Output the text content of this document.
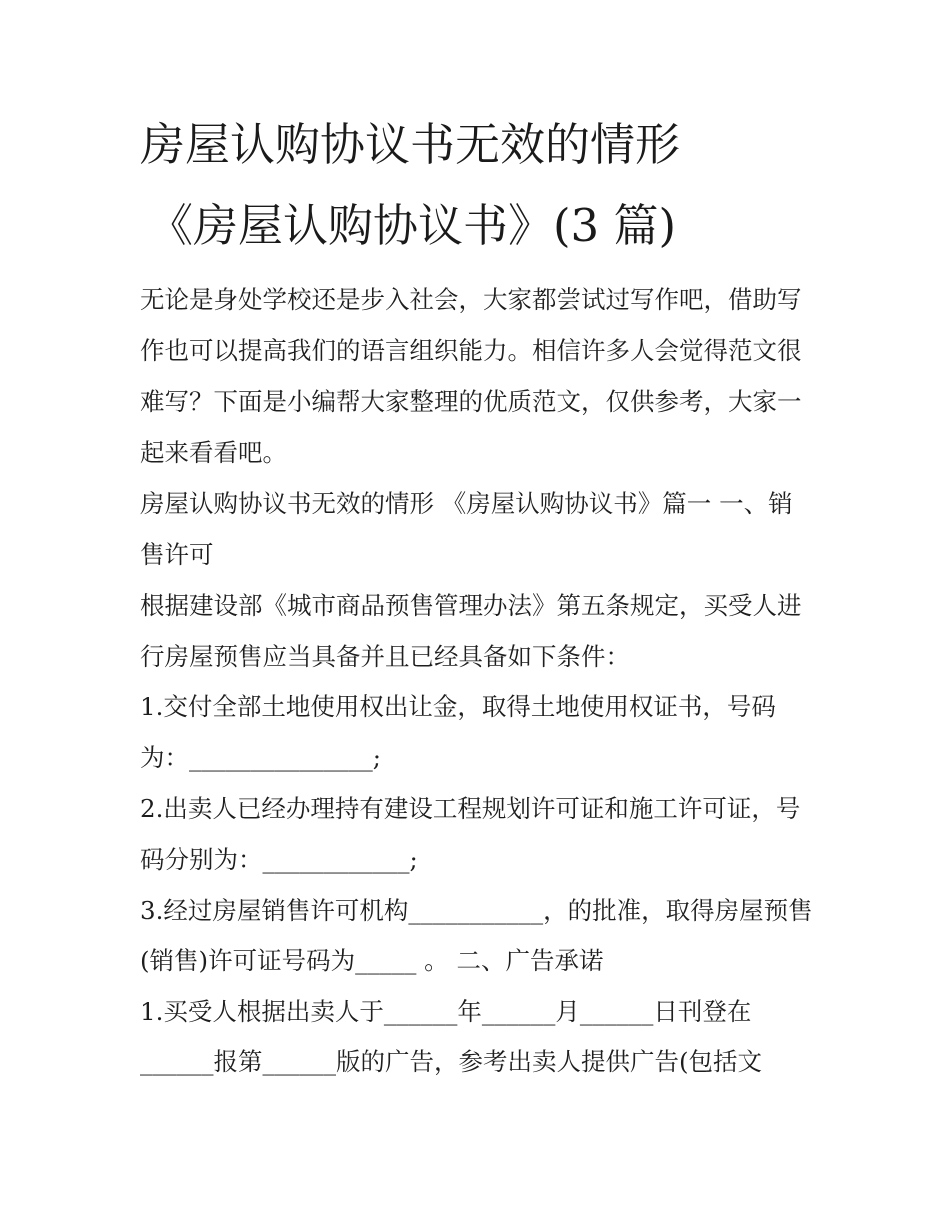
房屋认购协议书无效的情形
《房屋认购协议书》(3 篇)
无论是身处学校还是步入社会，大家都尝试过写作吧，借助写
作也可以提高我们的语言组织能力。相信许多人会觉得范文很
难写？下面是小编帮大家整理的优质范文，仅供参考，大家一
起来看看吧。
房屋认购协议书无效的情形 《房屋认购协议书》篇一 一、销
售许可
根据建设部《城市商品预售管理办法》第五条规定，买受人进
行房屋预售应当具备并且已经具备如下条件：
1.交付全部土地使用权出让金，取得土地使用权证书，号码
为：_______________;
2.出卖人已经办理持有建设工程规划许可证和施工许可证，号
码分别为：____________;
3.经过房屋销售许可机构___________，的批准，取得房屋预售
(销售)许可证号码为_____ 。 二、广告承诺
1.买受人根据出卖人于______年______月______日刊登在
______报第______版的广告，参考出卖人提供广告(包括文
